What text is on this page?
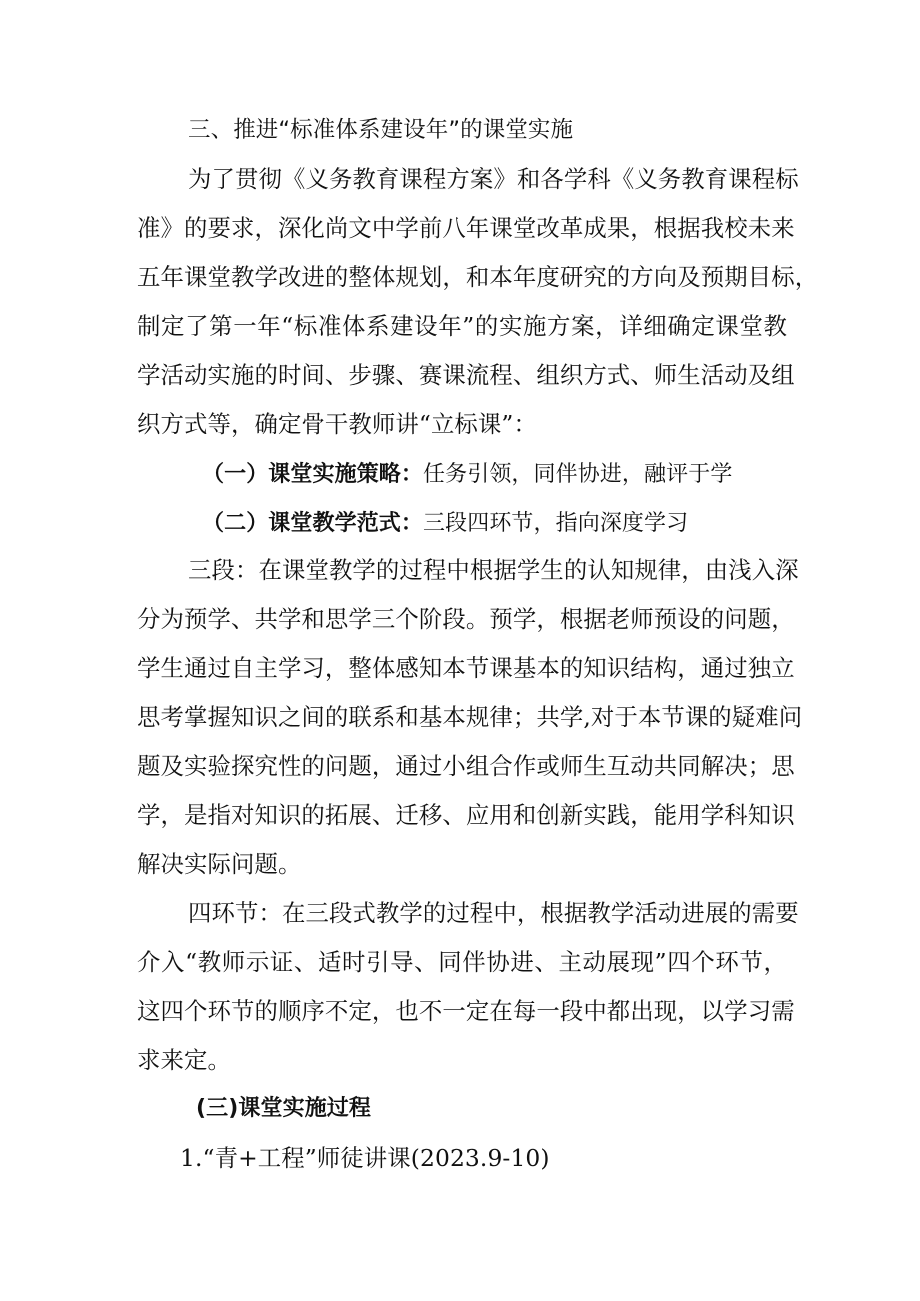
三、推进“标准体系建设年”的课堂实施
为了贯彻《义务教育课程方案》和各学科《义务教育课程标
准》的要求，深化尚文中学前八年课堂改革成果，根据我校未来
五年课堂教学改进的整体规划，和本年度研究的方向及预期目标，
制定了第一年“标准体系建设年”的实施方案，详细确定课堂教
学活动实施的时间、步骤、赛课流程、组织方式、师生活动及组
织方式等，确定骨干教师讲“立标课”：
（一）课堂实施策略：任务引领，同伴协进，融评于学
（二）课堂教学范式：三段四环节，指向深度学习
三段：在课堂教学的过程中根据学生的认知规律，由浅入深
分为预学、共学和思学三个阶段。预学，根据老师预设的问题，
学生通过自主学习，整体感知本节课基本的知识结构，通过独立
思考掌握知识之间的联系和基本规律；共学,对于本节课的疑难问
题及实验探究性的问题，通过小组合作或师生互动共同解决；思
学，是指对知识的拓展、迁移、应用和创新实践，能用学科知识
解决实际问题。
四环节：在三段式教学的过程中，根据教学活动进展的需要
介入“教师示证、适时引导、同伴协进、主动展现”四个环节，
这四个环节的顺序不定，也不一定在每一段中都出现，以学习需
求来定。
(三)课堂实施过程
1.“青+工程”师徒讲课(2023.9-10)
